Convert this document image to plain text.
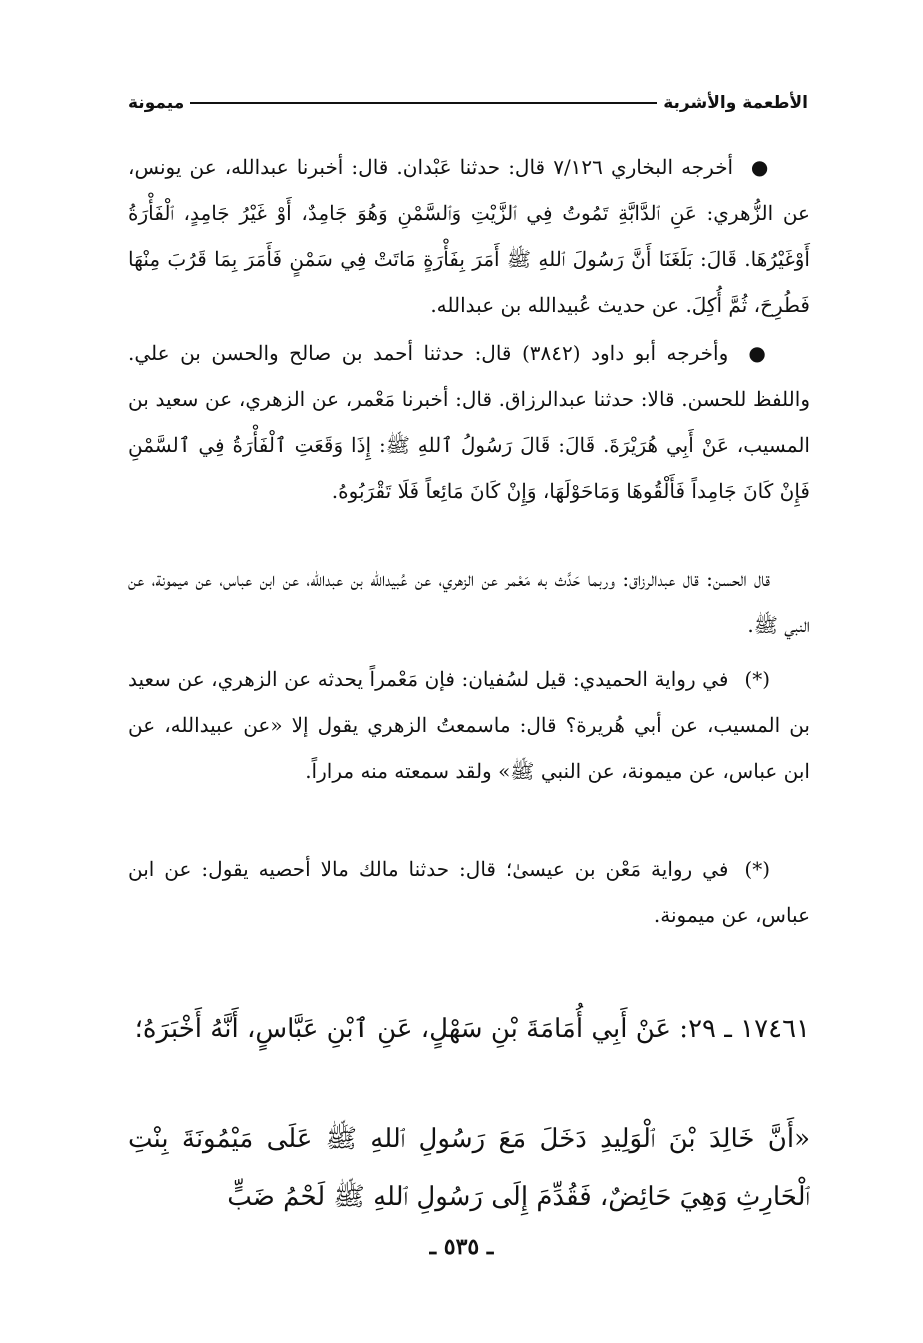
الأطعمة والأشربة
ميمونة

●أخرجه البخاري ٧/١٢٦ قال: حدثنا عَبْدان. قال: أخبرنا عبدالله، عن يونس، عن الزُّهري: عَنِ ٱلدَّابَّةِ تَمُوتُ فِي ٱلزَّيْتِ وَٱلسَّمْنِ وَهُوَ جَامِدٌ، أَوْ غَيْرُ جَامِدٍ، ٱلْفَأْرَةُ أَوْغَيْرُهَا. قَالَ: بَلَغَنَا أَنَّ رَسُولَ ٱللهِ ﷺ أَمَرَ بِفَأْرَةٍ مَاتَتْ فِي سَمْنٍ فَأَمَرَ بِمَا قَرُبَ مِنْهَا فَطُرِحَ، ثُمَّ أُكِلَ. عن حديث عُبيدالله بن عبدالله.

●وأخرجه أبو داود (٣٨٤٢) قال: حدثنا أحمد بن صالح والحسن بن علي. واللفظ للحسن. قالا: حدثنا عبدالرزاق. قال: أخبرنا مَعْمر، عن الزهري، عن سعيد بن المسيب، عَنْ أَبِي هُرَيْرَةَ. قَالَ: قَالَ رَسُولُ ٱللهِ ﷺ: إِذَا وَقَعَتِ ٱلْفَأْرَةُ فِي ٱلسَّمْنِ فَإِنْ كَانَ جَامِداً فَأَلْقُوهَا وَمَاحَوْلَهَا، وَإِنْ كَانَ مَائِعاً فَلَا تَقْرَبُوهُ.

قال الحسن: قال عبدالرزاق: وربما حَدَّث به مَعْمر عن الزهري، عن عُبيدالله بن عبدالله، عن ابن عباس، عن ميمونة، عن النبي ﷺ.

(*)في رواية الحميدي: قيل لسُفيان: فإن مَعْمراً يحدثه عن الزهري، عن سعيد بن المسيب، عن أبي هُريرة؟ قال: ماسمعتُ الزهري يقول إلا «عن عبيدالله، عن ابن عباس، عن ميمونة، عن النبي ﷺ» ولقد سمعته منه مراراً.

(*)في رواية مَعْن بن عيسىٰ؛ قال: حدثنا مالك مالا أحصيه يقول: عن ابن عباس، عن ميمونة.

١٧٤٦١ ـ ٢٩: عَنْ أَبِي أُمَامَةَ بْنِ سَهْلٍ، عَنِ ٱبْنِ عَبَّاسٍ، أَنَّهُ أَخْبَرَهُ؛

«أَنَّ خَالِدَ بْنَ ٱلْوَلِيدِ دَخَلَ مَعَ رَسُولِ ٱللهِ ﷺ عَلَى مَيْمُونَةَ بِنْتِ ٱلْحَارِثِ وَهِيَ حَائِضٌ، فَقُدِّمَ إِلَى رَسُولِ ٱللهِ ﷺ لَحْمُ ضَبٍّ

ـ ٥٣٥ ـ
